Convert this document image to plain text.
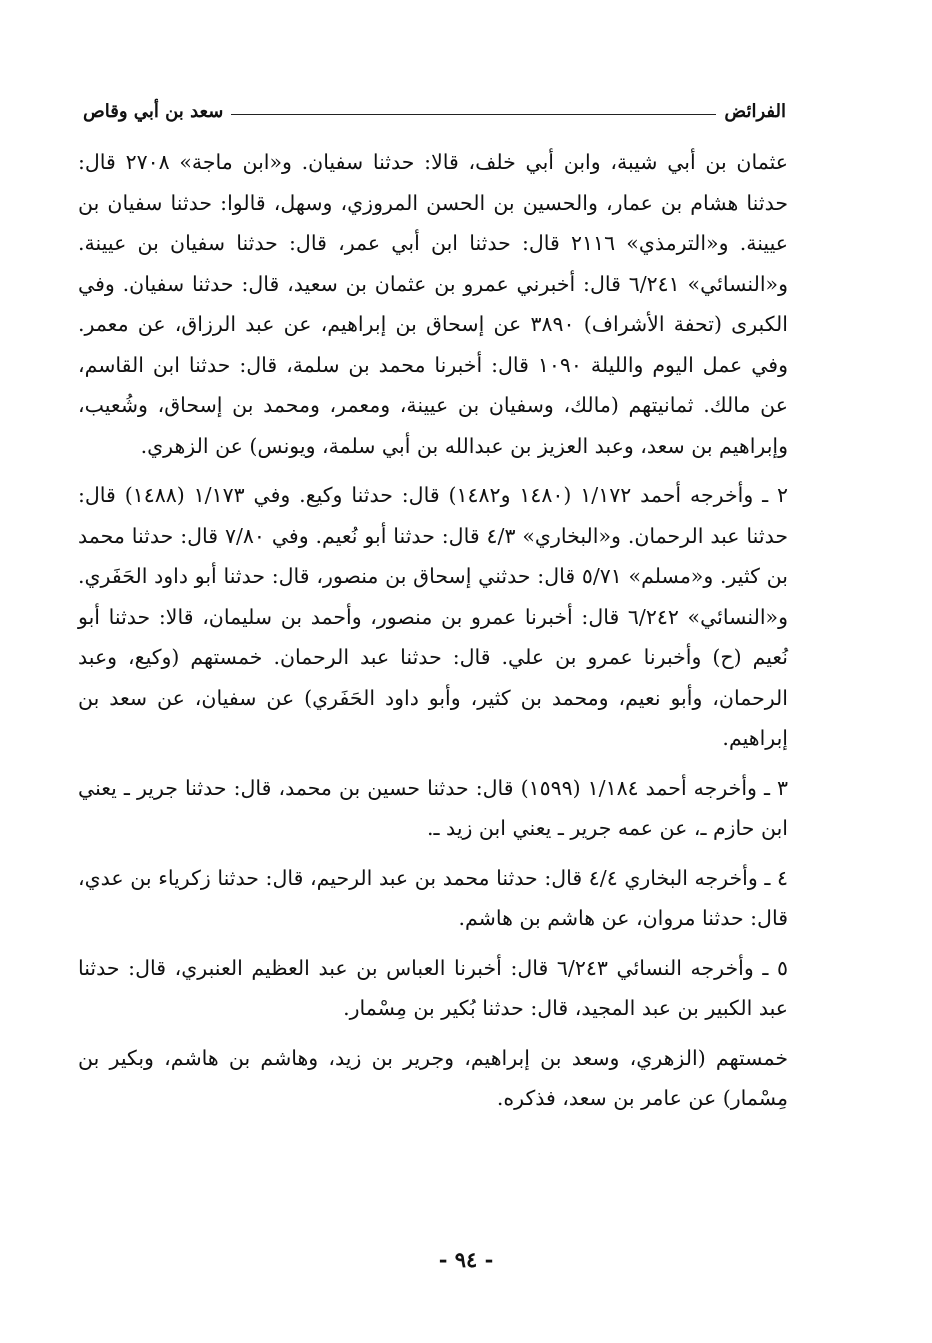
الفرائض
سعد بن أبي وقاص

عثمان بن أبي شيبة، وابن أبي خلف، قالا: حدثنا سفيان. و«ابن ماجة» ٢٧٠٨ قال: حدثنا هشام بن عمار، والحسين بن الحسن المروزي، وسهل، قالوا: حدثنا سفيان بن عيينة. و«الترمذي» ٢١١٦ قال: حدثنا ابن أبي عمر، قال: حدثنا سفيان بن عيينة. و«النسائي» ٦/٢٤١ قال: أخبرني عمرو بن عثمان بن سعيد، قال: حدثنا سفيان. وفي الكبرى (تحفة الأشراف) ٣٨٩٠ عن إسحاق بن إبراهيم، عن عبد الرزاق، عن معمر. وفي عمل اليوم والليلة ١٠٩٠ قال: أخبرنا محمد بن سلمة، قال: حدثنا ابن القاسم، عن مالك. ثمانيتهم (مالك، وسفيان بن عيينة، ومعمر، ومحمد بن إسحاق، وشُعيب، وإبراهيم بن سعد، وعبد العزيز بن عبدالله بن أبي سلمة، ويونس) عن الزهري.

٢ ـ وأخرجه أحمد ١/١٧٢ (١٤٨٠ و١٤٨٢) قال: حدثنا وكيع. وفي ١/١٧٣ (١٤٨٨) قال: حدثنا عبد الرحمان. و«البخاري» ٤/٣ قال: حدثنا أبو نُعيم. وفي ٧/٨٠ قال: حدثنا محمد بن كثير. و«مسلم» ٥/٧١ قال: حدثني إسحاق بن منصور، قال: حدثنا أبو داود الحَفَري. و«النسائي» ٦/٢٤٢ قال: أخبرنا عمرو بن منصور، وأحمد بن سليمان، قالا: حدثنا أبو نُعيم (ح) وأخبرنا عمرو بن علي. قال: حدثنا عبد الرحمان. خمستهم (وكيع، وعبد الرحمان، وأبو نعيم، ومحمد بن كثير، وأبو داود الحَفَري) عن سفيان، عن سعد بن إبراهيم.

٣ ـ وأخرجه أحمد ١/١٨٤ (١٥٩٩) قال: حدثنا حسين بن محمد، قال: حدثنا جرير ـ يعني ابن حازم ـ، عن عمه جرير ـ يعني ابن زيد ـ.

٤ ـ وأخرجه البخاري ٤/٤ قال: حدثنا محمد بن عبد الرحيم، قال: حدثنا زكرياء بن عدي، قال: حدثنا مروان، عن هاشم بن هاشم.

٥ ـ وأخرجه النسائي ٦/٢٤٣ قال: أخبرنا العباس بن عبد العظيم العنبري، قال: حدثنا عبد الكبير بن عبد المجيد، قال: حدثنا بُكير بن مِسْمار.

خمستهم (الزهري، وسعد بن إبراهيم، وجرير بن زيد، وهاشم بن هاشم، وبكير بن مِسْمار) عن عامر بن سعد، فذكره.

- ٩٤ -
